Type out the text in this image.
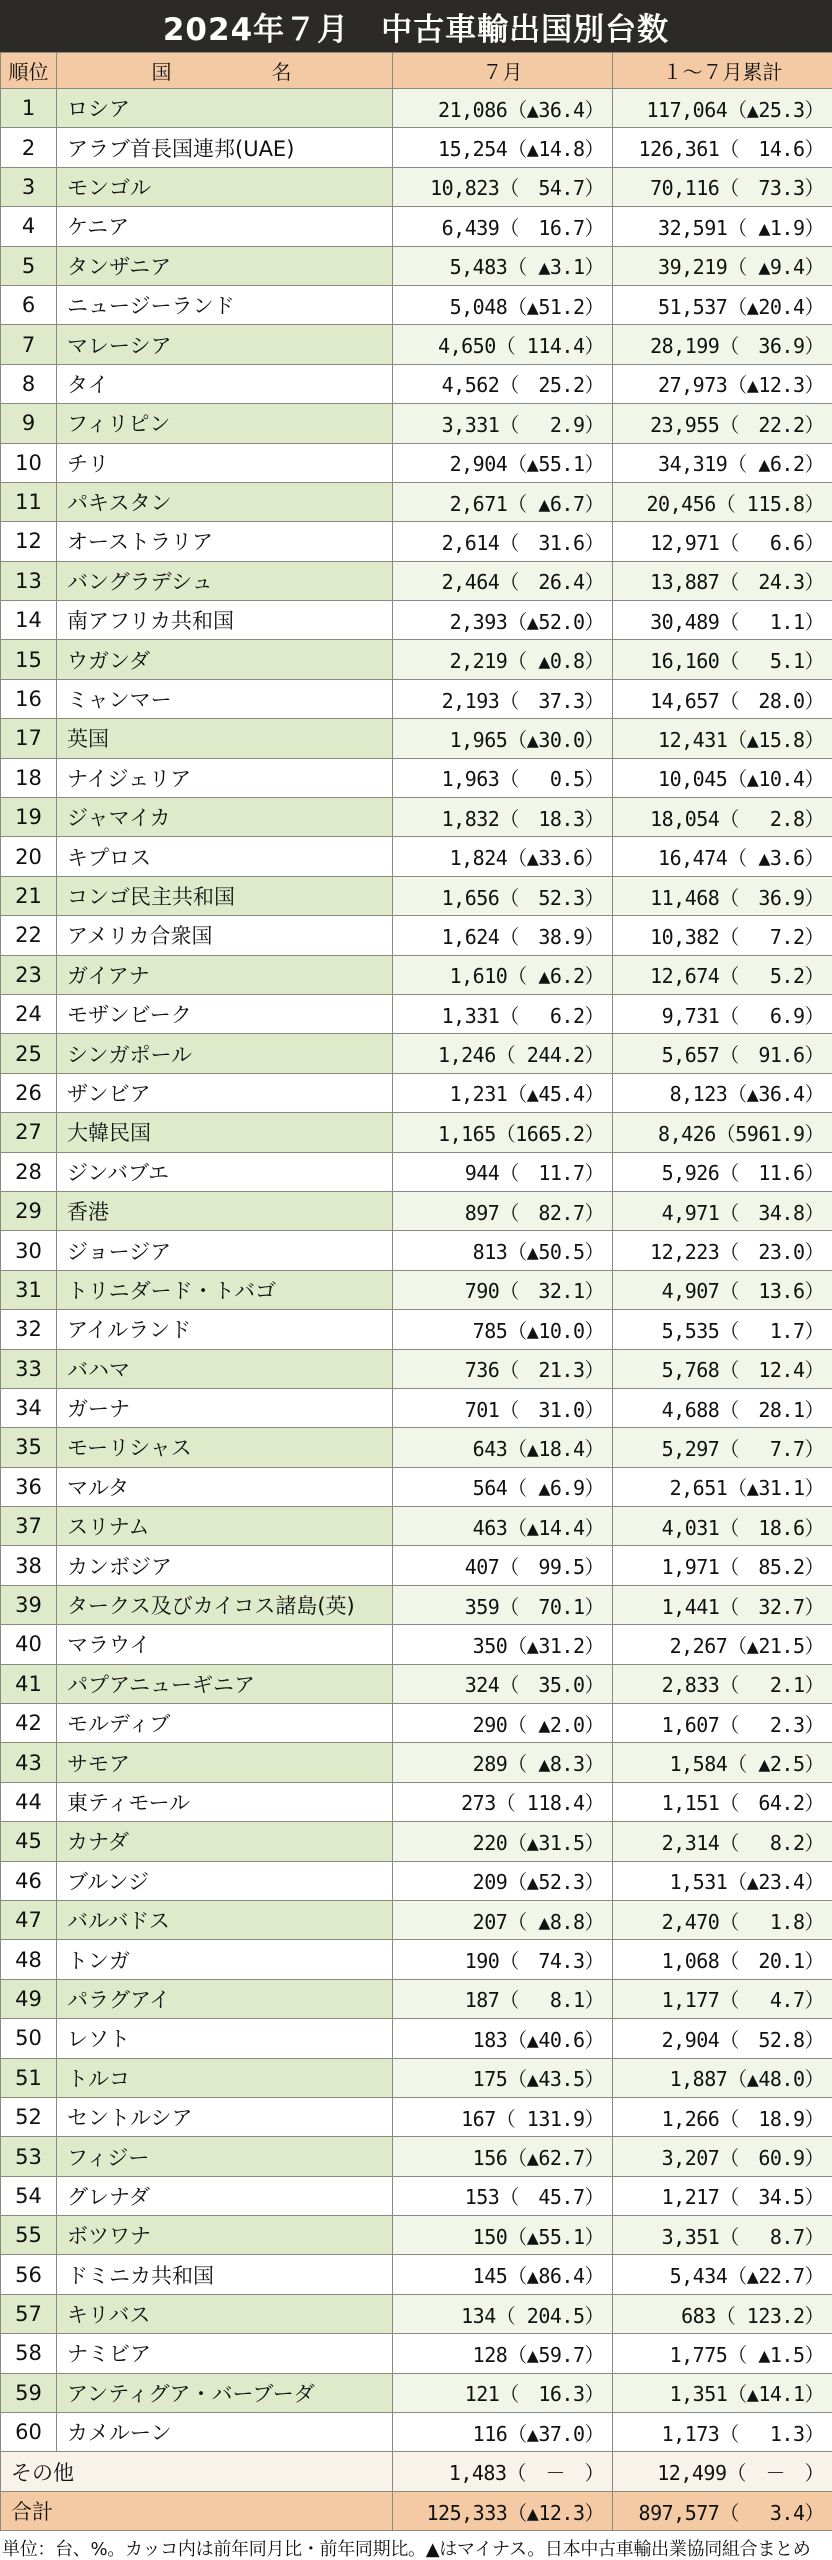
2024年７月　中古車輸出国別台数
順位	国　名	７月	１～７月累計
1	ロシア	21,086（▲36.4）	117,064（▲25.3）
2	アラブ首長国連邦(UAE)	15,254（▲14.8）	126,361（　14.6）
3	モンゴル	10,823（　54.7）	70,116（　73.3）
4	ケニア	6,439（　16.7）	32,591（ ▲1.9）
5	タンザニア	5,483（ ▲3.1）	39,219（ ▲9.4）
6	ニュージーランド	5,048（▲51.2）	51,537（▲20.4）
7	マレーシア	4,650（ 114.4）	28,199（　36.9）
8	タイ	4,562（　25.2）	27,973（▲12.3）
9	フィリピン	3,331（　 2.9）	23,955（　22.2）
10	チリ	2,904（▲55.1）	34,319（ ▲6.2）
11	パキスタン	2,671（ ▲6.7）	20,456（ 115.8）
12	オーストラリア	2,614（　31.6）	12,971（　 6.6）
13	バングラデシュ	2,464（　26.4）	13,887（　24.3）
14	南アフリカ共和国	2,393（▲52.0）	30,489（　 1.1）
15	ウガンダ	2,219（ ▲0.8）	16,160（　 5.1）
16	ミャンマー	2,193（　37.3）	14,657（　28.0）
17	英国	1,965（▲30.0）	12,431（▲15.8）
18	ナイジェリア	1,963（　 0.5）	10,045（▲10.4）
19	ジャマイカ	1,832（　18.3）	18,054（　 2.8）
20	キプロス	1,824（▲33.6）	16,474（ ▲3.6）
21	コンゴ民主共和国	1,656（　52.3）	11,468（　36.9）
22	アメリカ合衆国	1,624（　38.9）	10,382（　 7.2）
23	ガイアナ	1,610（ ▲6.2）	12,674（　 5.2）
24	モザンビーク	1,331（　 6.2）	9,731（　 6.9）
25	シンガポール	1,246（ 244.2）	5,657（　91.6）
26	ザンビア	1,231（▲45.4）	8,123（▲36.4）
27	大韓民国	1,165（1665.2）	8,426（5961.9）
28	ジンバブエ	944（　11.7）	5,926（　11.6）
29	香港	897（　82.7）	4,971（　34.8）
30	ジョージア	813（▲50.5）	12,223（　23.0）
31	トリニダード・トバゴ	790（　32.1）	4,907（　13.6）
32	アイルランド	785（▲10.0）	5,535（　 1.7）
33	バハマ	736（　21.3）	5,768（　12.4）
34	ガーナ	701（　31.0）	4,688（　28.1）
35	モーリシャス	643（▲18.4）	5,297（　 7.7）
36	マルタ	564（ ▲6.9）	2,651（▲31.1）
37	スリナム	463（▲14.4）	4,031（　18.6）
38	カンボジア	407（　99.5）	1,971（　85.2）
39	タークス及びカイコス諸島(英)	359（　70.1）	1,441（　32.7）
40	マラウイ	350（▲31.2）	2,267（▲21.5）
41	パプアニューギニア	324（　35.0）	2,833（　 2.1）
42	モルディブ	290（ ▲2.0）	1,607（　 2.3）
43	サモア	289（ ▲8.3）	1,584（ ▲2.5）
44	東ティモール	273（ 118.4）	1,151（　64.2）
45	カナダ	220（▲31.5）	2,314（　 8.2）
46	ブルンジ	209（▲52.3）	1,531（▲23.4）
47	バルバドス	207（ ▲8.8）	2,470（　 1.8）
48	トンガ	190（　74.3）	1,068（　20.1）
49	パラグアイ	187（　 8.1）	1,177（　 4.7）
50	レソト	183（▲40.6）	2,904（　52.8）
51	トルコ	175（▲43.5）	1,887（▲48.0）
52	セントルシア	167（ 131.9）	1,266（　18.9）
53	フィジー	156（▲62.7）	3,207（　60.9）
54	グレナダ	153（　45.7）	1,217（　34.5）
55	ボツワナ	150（▲55.1）	3,351（　 8.7）
56	ドミニカ共和国	145（▲86.4）	5,434（▲22.7）
57	キリバス	134（ 204.5）	683（ 123.2）
58	ナミビア	128（▲59.7）	1,775（ ▲1.5）
59	アンティグア・バーブーダ	121（　16.3）	1,351（▲14.1）
60	カメルーン	116（▲37.0）	1,173（　 1.3）
その他		1,483（　－　）	12,499（　－　）
合計		125,333（▲12.3）	897,577（　 3.4）
単位：台、%。カッコ内は前年同月比・前年同期比。▲はマイナス。日本中古車輸出業協同組合まとめ
